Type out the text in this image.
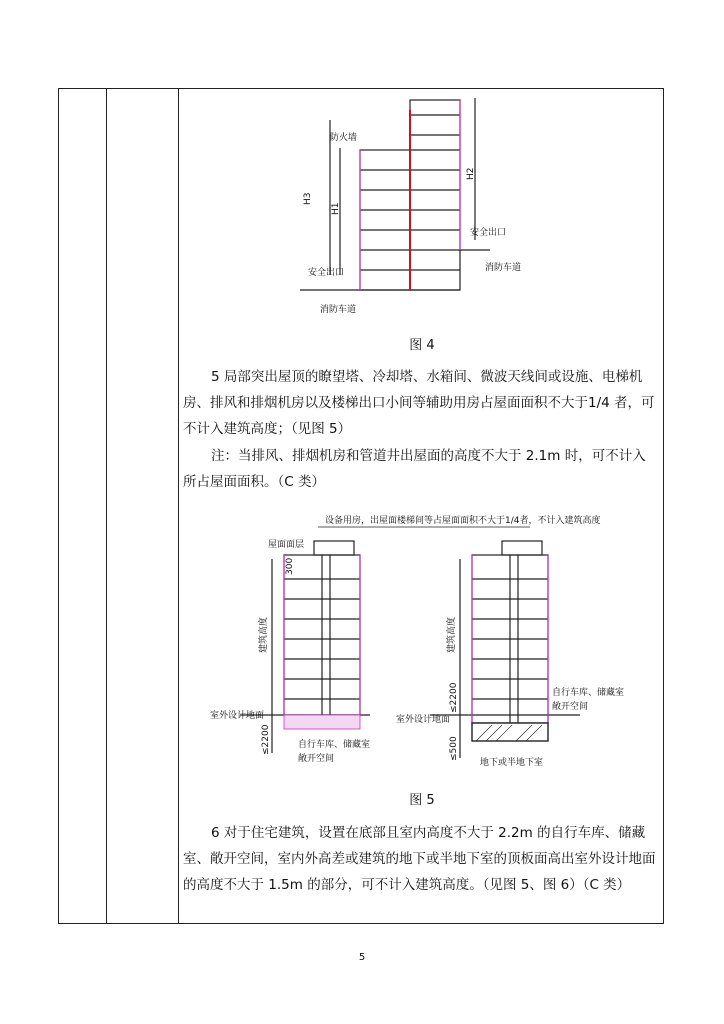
防火墙
H3
H1
H2
安全出口
安全出口
消防车道
消防车道
图 4

5 局部突出屋顶的瞭望塔、冷却塔、水箱间、微波天线间或设施、电梯机房、排风和排烟机房以及楼梯出口小间等辅助用房占屋面面积不大于1/4 者，可不计入建筑高度；（见图 5）

注：当排风、排烟机房和管道井出屋面的高度不大于 2.1m 时，可不计入所占屋面面积。（C 类）

设备用房，出屋面楼梯间等占屋面面积不大于1/4者，不计入建筑高度
屋面面层
300
建筑高度
室外设计地面
≤2200	自行车库、储藏室
敞开空间
建筑高度
室外设计地面
≤2200
≤500
自行车库、储藏室
敞开空间
地下或半地下室
图 5

6 对于住宅建筑，设置在底部且室内高度不大于 2.2m 的自行车库、储藏室、敞开空间，室内外高差或建筑的地下或半地下室的顶板面高出室外设计地面的高度不大于 1.5m 的部分，可不计入建筑高度。（见图 5、图 6）（C 类）

5
